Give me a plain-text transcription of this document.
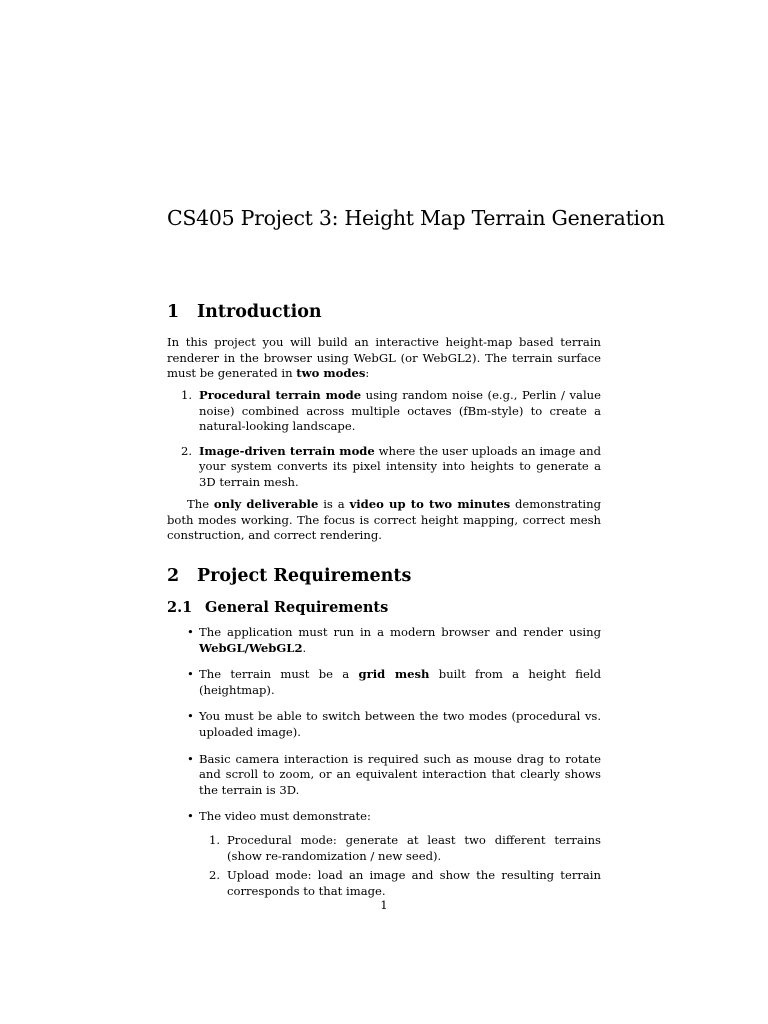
CS405 Project 3: Height Map Terrain Generation
1 Introduction
In this project you will build an interactive height-map based terrain renderer in the browser using WebGL (or WebGL2). The terrain surface must be generated in two modes:
1. Procedural terrain mode using random noise (e.g., Perlin / value noise) combined across multiple octaves (fBm-style) to create a natural-looking landscape.
2. Image-driven terrain mode where the user uploads an image and your system converts its pixel intensity into heights to generate a 3D terrain mesh.
The only deliverable is a video up to two minutes demonstrating both modes working. The focus is correct height mapping, correct mesh construction, and correct rendering.
2 Project Requirements
2.1 General Requirements
• The application must run in a modern browser and render using WebGL/WebGL2.
• The terrain must be a grid mesh built from a height field (heightmap).
• You must be able to switch between the two modes (procedural vs. uploaded image).
• Basic camera interaction is required such as mouse drag to rotate and scroll to zoom, or an equivalent interaction that clearly shows the terrain is 3D.
• The video must demonstrate:
1. Procedural mode: generate at least two different terrains (show re-randomization / new seed).
2. Upload mode: load an image and show the resulting terrain corresponds to that image.
1
